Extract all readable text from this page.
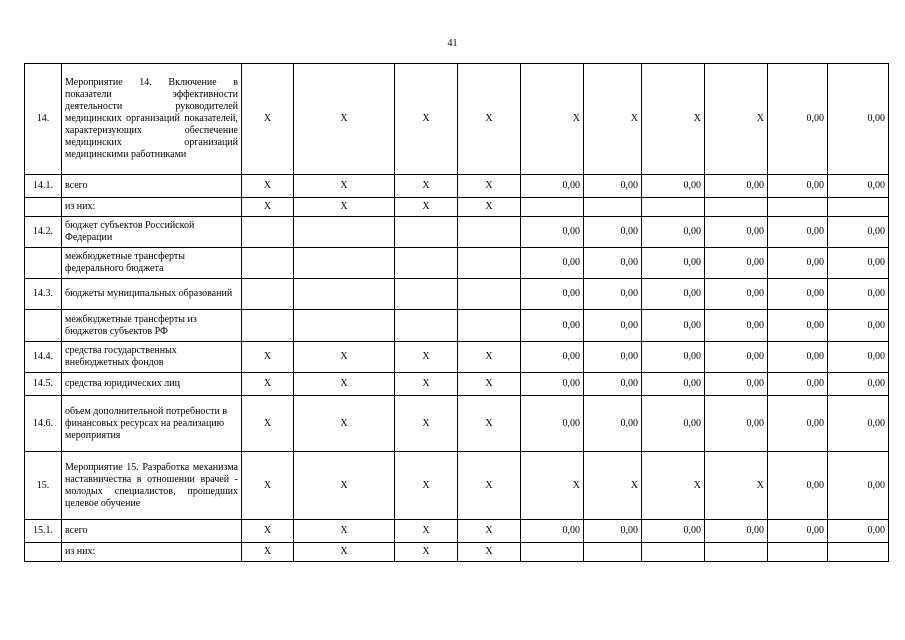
41
14.	Мероприятие 14. Включение в показатели эффективности деятельности руководителей медицинских организаций показателей, характеризующих обеспечение медицинских организаций медицинскими работниками	X	X	X	X	X	X	X	X	0,00	0,00
14.1.	всего	X	X	X	X	0,00	0,00	0,00	0,00	0,00	0,00
	из них:	X	X	X	X						
14.2.	бюджет субъектов Российской Федерации					0,00	0,00	0,00	0,00	0,00	0,00
	межбюджетные трансферты федерального бюджета					0,00	0,00	0,00	0,00	0,00	0,00
14.3.	бюджеты муниципальных образований					0,00	0,00	0,00	0,00	0,00	0,00
	межбюджетные трансферты из бюджетов субъектов РФ					0,00	0,00	0,00	0,00	0,00	0,00
14.4.	средства государственных внебюджетных фондов	X	X	X	X	0,00	0,00	0,00	0,00	0,00	0,00
14.5.	средства юридических лиц	X	X	X	X	0,00	0,00	0,00	0,00	0,00	0,00
14.6.	объем дополнительной потребности в финансовых ресурсах на реализацию мероприятия	X	X	X	X	0,00	0,00	0,00	0,00	0,00	0,00
15.	Мероприятие 15. Разработка механизма наставничества в отношении врачей - молодых специалистов, прошедших целевое обучение	X	X	X	X	X	X	X	X	0,00	0,00
15.1.	всего	X	X	X	X	0,00	0,00	0,00	0,00	0,00	0,00
	из них:	X	X	X	X						
